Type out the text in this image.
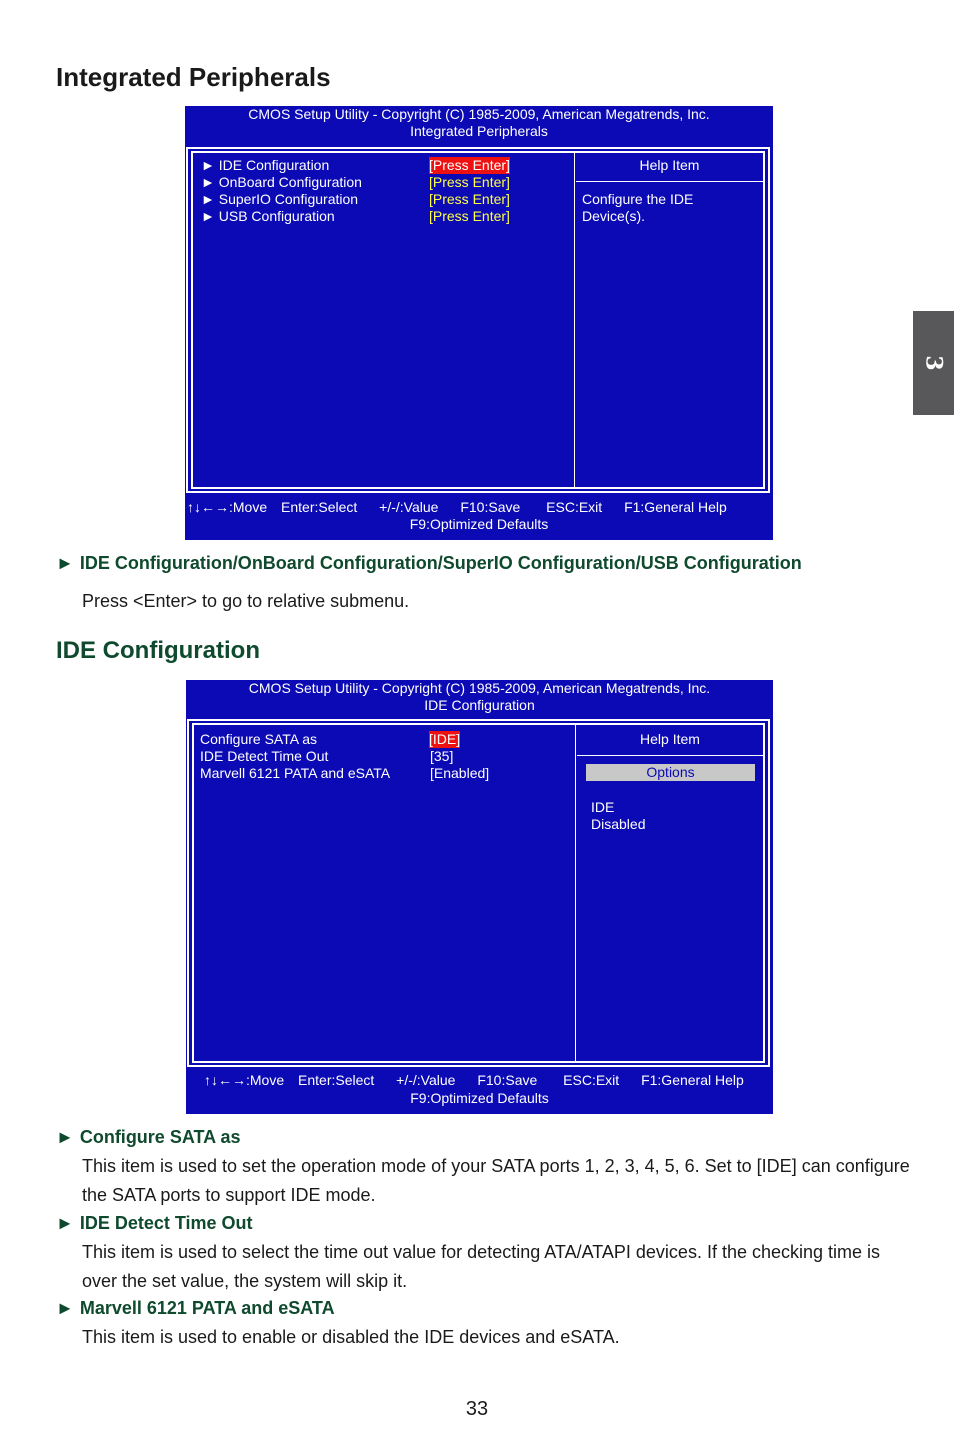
Integrated Peripherals
3
CMOS Setup Utility - Copyright (C) 1985-2009, American Megatrends, Inc.
Integrated Peripherals
► IDE Configuration	[Press Enter]
► OnBoard Configuration	[Press Enter]
► SuperIO Configuration	[Press Enter]
► USB Configuration	[Press Enter]
Help Item
Configure the IDE
Device(s).
↑↓←→:Move Enter:Select +/-/:Value F10:Save ESC:Exit F1:General Help
F9:Optimized Defaults
► IDE Configuration/OnBoard Configuration/SuperIO Configuration/USB Configuration
Press <Enter> to go to relative submenu.
IDE Configuration
CMOS Setup Utility - Copyright (C) 1985-2009, American Megatrends, Inc.
IDE Configuration
Configure SATA as	[IDE]
IDE Detect Time Out	[35]
Marvell 6121 PATA and eSATA	[Enabled]
Help Item
Options
IDE
Disabled
↑↓←→:Move Enter:Select +/-/:Value F10:Save ESC:Exit F1:General Help
F9:Optimized Defaults
► Configure SATA as
This item is used to set the operation mode of your SATA ports 1, 2, 3, 4, 5, 6. Set to [IDE] can configure the SATA ports to support IDE mode.
► IDE Detect Time Out
This item is used to select the time out value for detecting ATA/ATAPI devices. If the checking time is over the set value, the system will skip it.
► Marvell 6121 PATA and eSATA
This item is used to enable or disabled the IDE devices and eSATA.
33
